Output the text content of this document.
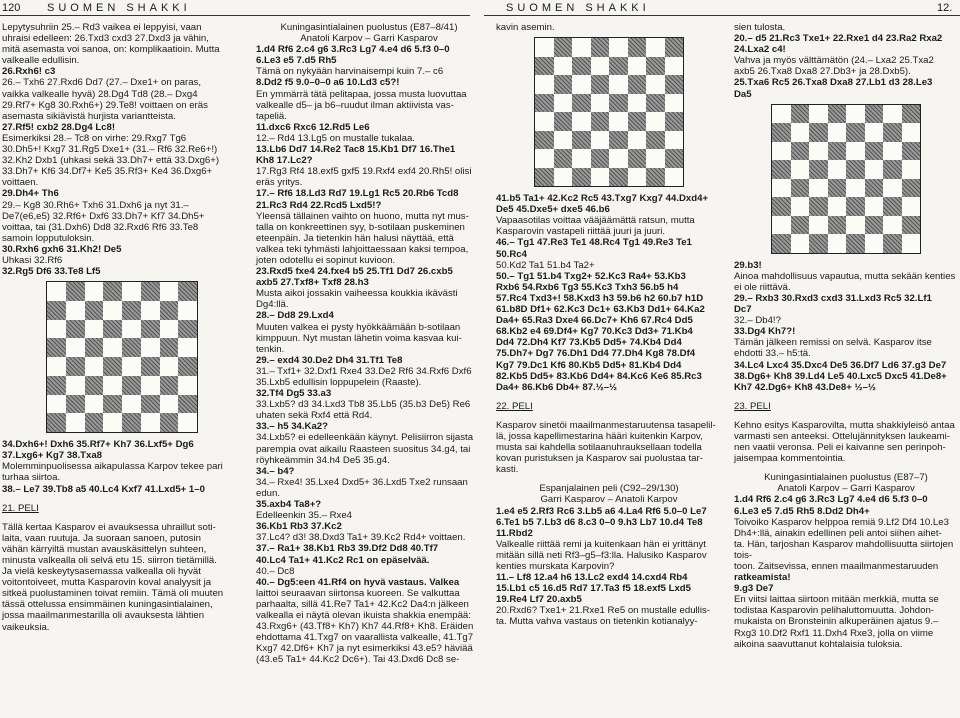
120 SUOMEN SHAKKI	SUOMEN SHAKKI	12.

Lepytysuhriin 25.– Rd3 vaikea ei leppyisi, vaan

uhraisi edelleen: 26.Txd3 cxd3 27.Dxd3 ja vähin,

mitä asemasta voi sanoa, on: komplikaatioin. Mutta

valkealle edullisin.

26.Rxh6! c3

26.– Txh6 27.Rxd6 Dd7 (27.– Dxe1+ on paras,

vaikka valkealle hyvä) 28.Dg4 Td8 (28.– Dxg4

29.Rf7+ Kg8 30.Rxh6+) 29.Te8! voittaen on eräs

asemasta sikiävistä hurjista variantteista.

27.Rf5! cxb2 28.Dg4 Lc8!

Esimerkiksi 28.– Tc8 on virhe: 29.Rxg7 Tg6

30.Dh5+! Kxg7 31.Rg5 Dxe1+ (31.– Rf6 32.Re6+!)

32.Kh2 Dxb1 (uhkasi sekä 33.Dh7+ että 33.Dxg6+)

33.Dh7+ Kf6 34.Df7+ Ke5 35.Rf3+ Ke4 36.Dxg6+

voittaen.

29.Dh4+ Th6

29.– Kg8 30.Rh6+ Txh6 31.Dxh6 ja nyt 31.–

De7(e6,e5) 32.Rf6+ Dxf6 33.Dh7+ Kf7 34.Dh5+

voittaa, tai (31.Dxh6) Dd8 32.Rxd6 Rf6 33.Te8

samoin lopputuloksin.

30.Rxh6 gxh6 31.Kh2! De5

Uhkasi 32.Rf6

32.Rg5 Df6 33.Te8 Lf5

34.Dxh6+! Dxh6 35.Rf7+ Kh7 36.Lxf5+ Dg6

37.Lxg6+ Kg7 38.Txa8

Molemminpuolisessa aikapulassa Karpov tekee pari

turhaa siirtoa.

38.– Le7 39.Tb8 a5 40.Lc4 Kxf7 41.Lxd5+ 1–0

21. PELI

Tällä kertaa Kasparov ei avauksessa uhraillut soti-

laita, vaan ruutuja. Ja suoraan sanoen, putosin

vähän kärryiltä mustan avauskäsittelyn suhteen,

minusta valkealla oli selvä etu 15. siirron tietämillä.

Ja vielä keskeytysasemassa valkealla oli hyvät

voitontoiveet, mutta Kasparovin koval analyysit ja

sitkeä puolustaminen toivat remiin. Tämä oli muuten

tässä ottelussa ensimmäinen kuningasintialainen,

jossa maailmanmestarilla oli avauksesta lähtien

vaikeuksia.

Kuningasintialainen puolustus (E87–8/41)

Anatoli Karpov – Garri Kasparov

1.d4 Rf6 2.c4 g6 3.Rc3 Lg7 4.e4 d6 5.f3 0–0

6.Le3 e5 7.d5 Rh5

Tämä on nykyään harvinaisempi kuin 7.– c6

8.Dd2 f5 9.0–0–0 a6 10.Ld3 c5?!

En ymmärrä tätä pelitapaa, jossa musta luovuttaa

valkealle d5– ja b6–ruudut ilman aktiivista vas-

tapeliä.

11.dxc6 Rxc6 12.Rd5 Le6

12.– Rd4 13.Lg5 on mustalle tukalaa.

13.Lb6 Dd7 14.Re2 Tac8 15.Kb1 Df7 16.The1

Kh8 17.Lc2?

17.Rg3 Rf4 18.exf5 gxf5 19.Rxf4 exf4 20.Rh5! olisi

eräs yritys.

17.– Rf6 18.Ld3 Rd7 19.Lg1 Rc5 20.Rb6 Tcd8

21.Rc3 Rd4 22.Rcd5 Lxd5!?

Yleensä tällainen vaihto on huono, mutta nyt mus-

talla on konkreettinen syy, b-sotilaan puskeminen

eteenpäin. Ja tietenkin hän halusi näyttää, että

valkea teki tyhmästi lahjoittaessaan kaksi tempoa,

joten odotellu ei sopinut kuvioon.

23.Rxd5 fxe4 24.fxe4 b5 25.Tf1 Dd7 26.cxb5

axb5 27.Txf8+ Txf8 28.h3

Musta aikoi jossakin vaiheessa koukkia ikävästi

Dg4:llä.

28.– Dd8 29.Lxd4

Muuten valkea ei pysty hyökkäämään b-sotilaan

kimppuun. Nyt mustan lähetin voima kasvaa kui-

tenkin.

29.– exd4 30.De2 Dh4 31.Tf1 Te8

31.– Txf1+ 32.Dxf1 Rxe4 33.De2 Rf6 34.Rxf6 Dxf6

35.Lxb5 edullisin loppupelein (Raaste).

32.Tf4 Dg5 33.a3

33.Lxb5? d3 34.Lxd3 Tb8 35.Lb5 (35.b3 De5) Re6

uhaten sekä Rxf4 että Rd4.

33.– h5 34.Ka2?

34.Lxb5? ei edelleenkään käynyt. Pelisiirron sijasta

parempia ovat aikailu Raasteen suositus 34.g4, tai

röyhkeämmin 34.h4 De5 35.g4.

34.– b4?

34.– Rxe4! 35.Lxe4 Dxd5+ 36.Lxd5 Txe2 runsaan

edun.

35.axb4 Ta8+?

Edelleenkin 35.– Rxe4

36.Kb1 Rb3 37.Kc2

37.Lc4? d3! 38.Dxd3 Ta1+ 39.Kc2 Rd4+ voittaen.

37.– Ra1+ 38.Kb1 Rb3 39.Df2 Dd8 40.Tf7

40.Lc4 Ta1+ 41.Kc2 Rc1 on epäselvää.

40.– Dc8

40.– Dg5:een 41.Rf4 on hyvä vastaus. Valkea

laittoi seuraavan siirtonsa kuoreen. Se valkuttaa

parhaalta, sillä 41.Re7 Ta1+ 42.Kc2 Da4:n jälkeen

valkealla ei näytä olevan ikuista shakkia enempää:

43.Rxg6+ (43.Tf8+ Kh7) Kh7 44.Rf8+ Kh8. Eräiden

ehdottama 41.Txg7 on vaarallista valkealle, 41.Tg7

Kxg7 42.Df6+ Kh7 ja nyt esimerkiksi 43.e5? häviää

(43.e5 Ta1+ 44.Kc2 Dc6+). Tai 43.Dxd6 Dc8 se-

kavin asemin.

41.b5 Ta1+ 42.Kc2 Rc5 43.Txg7 Kxg7 44.Dxd4+

De5 45.Dxe5+ dxe5 46.b6

Vapaasotilas voittaa vääjäämättä ratsun, mutta

Kasparovin vastapeli riittää juuri ja juuri.

46.– Tg1 47.Re3 Te1 48.Rc4 Tg1 49.Re3 Te1

50.Rc4

50.Kd2 Ta1 51.b4 Ta2+

50.– Tg1 51.b4 Txg2+ 52.Kc3 Ra4+ 53.Kb3

Rxb6 54.Rxb6 Tg3 55.Kc3 Txh3 56.b5 h4

57.Rc4 Txd3+! 58.Kxd3 h3 59.b6 h2 60.b7 h1D

61.b8D Df1+ 62.Kc3 Dc1+ 63.Kb3 Dd1+ 64.Ka2

Da4+ 65.Ra3 Dxe4 66.Dc7+ Kh6 67.Rc4 Dd5

68.Kb2 e4 69.Df4+ Kg7 70.Kc3 Dd3+ 71.Kb4

Dd4 72.Dh4 Kf7 73.Kb5 Dd5+ 74.Kb4 Dd4

75.Dh7+ Dg7 76.Dh1 Dd4 77.Dh4 Kg8 78.Df4

Kg7 79.Dc1 Kf6 80.Kb5 Dd5+ 81.Kb4 Dd4

82.Kb5 Dd5+ 83.Kb6 Dd4+ 84.Kc6 Ke6 85.Rc3

Da4+ 86.Kb6 Db4+ 87.½–½

22. PELI

Kasparov sinetöi maailmanmestaruutensa tasapelil-

lä, jossa kapellimestarina hääri kuitenkin Karpov,

musta sai kahdella sotilaanuhrauksellaan todella

kovan puristuksen ja Kasparov sai puolustaa tar-

kasti.

Espanjalainen peli (C92–29/130)

Garri Kasparov – Anatoli Karpov

1.e4 e5 2.Rf3 Rc6 3.Lb5 a6 4.La4 Rf6 5.0–0 Le7

6.Te1 b5 7.Lb3 d6 8.c3 0–0 9.h3 Lb7 10.d4 Te8

11.Rbd2

Valkealle riittää remi ja kuitenkaan hän ei yrittänyt

mitään sillä neti Rf3–g5–f3:lla. Halusiko Kasparov

kenties murskata Karpovin?

11.– Lf8 12.a4 h6 13.Lc2 exd4 14.cxd4 Rb4

15.Lb1 c5 16.d5 Rd7 17.Ta3 f5 18.exf5 Lxd5

19.Re4 Lf7 20.axb5

20.Rxd6? Txe1+ 21.Rxe1 Re5 on mustalle edullis-

ta. Mutta vahva vastaus on tietenkin kotianalyy-

sien tulosta.

20.– d5 21.Rc3 Txe1+ 22.Rxe1 d4 23.Ra2 Rxa2

24.Lxa2 c4!

Vahva ja myös välttämätön (24.– Lxa2 25.Txa2

axb5 26.Txa8 Dxa8 27.Db3+ ja 28.Dxb5).

25.Txa6 Rc5 26.Txa8 Dxa8 27.Lb1 d3 28.Le3

Da5

29.b3!

Ainoa mahdollisuus vapautua, mutta sekään kenties

ei ole riittävä.

29.– Rxb3 30.Rxd3 cxd3 31.Lxd3 Rc5 32.Lf1

Dc7

32.– Db4!?

33.Dg4 Kh7?!

Tämän jälkeen remissi on selvä. Kasparov itse

ehdotti 33.– h5:tä.

34.Lc4 Lxc4 35.Dxc4 De5 36.Df7 Ld6 37.g3 De7

38.Dg6+ Kh8 39.Ld4 Le5 40.Lxc5 Dxc5 41.De8+

Kh7 42.Dg6+ Kh8 43.De8+ ½–½

23. PELI

Kehno esitys Kasparovilta, mutta shakkiyleisö antaa

varmasti sen anteeksi. Ottelujännityksen laukeami-

nen vaatii veronsa. Peli ei kaivanne sen perinpoh-

jaisempaa kommentointia.

Kuningasintialainen puolustus (E87–7)

Anatoli Karpov – Garri Kasparov

1.d4 Rf6 2.c4 g6 3.Rc3 Lg7 4.e4 d6 5.f3 0–0

6.Le3 e5 7.d5 Rh5 8.Dd2 Dh4+

Toivoiko Kasparov helppoa remiä 9.Lf2 Df4 10.Le3

Dh4+:llä, ainakin edellinen peli antoi siihen aihet-

ta. Hän, tarjoshan Kasparov mahdollisuutta siirtojen tois-

toon. Zaitsevissa, ennen maailmanmestaruuden

ratkeamista!

9.g3 De7

En viitsi laittaa siirtoon mitään merkkiä, mutta se

todistaa Kasparovin pelihaluttomuutta. Johdon-

mukaista on Bronsteinin alkuperäinen ajatus 9.–

Rxg3 10.Df2 Rxf1 11.Dxh4 Rxe3, jolla on viime

aikoina saavuttanut kohtalaisia tuloksia.
